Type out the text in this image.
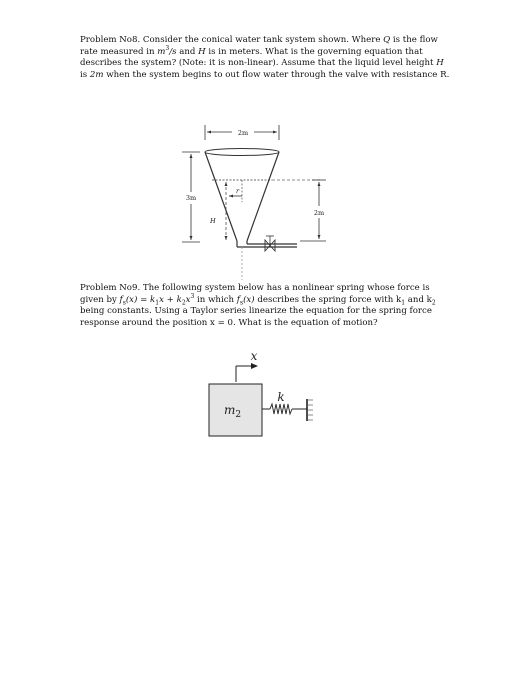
Problem No8. Consider the conical water tank system shown. Where Q is the flow rate measured in $m^3/s$ and H is in meters. What is the governing equation that describes the system? (Note: it is non-linear). Assume that the liquid level height H is 2m when the system begins to out flow water through the valve with resistance R.

2m
3m
2m
r
H
x
k
$m_2$

Problem No9. The following system below has a nonlinear spring whose force is given by $f_s(x) = k_1x + k_2x^3$ in which $f_s(x)$ describes the spring force with $k_1$ and $k_2$ being constants. Using a Taylor series linearize the equation for the spring force response around the position x = 0. What is the equation of motion?
